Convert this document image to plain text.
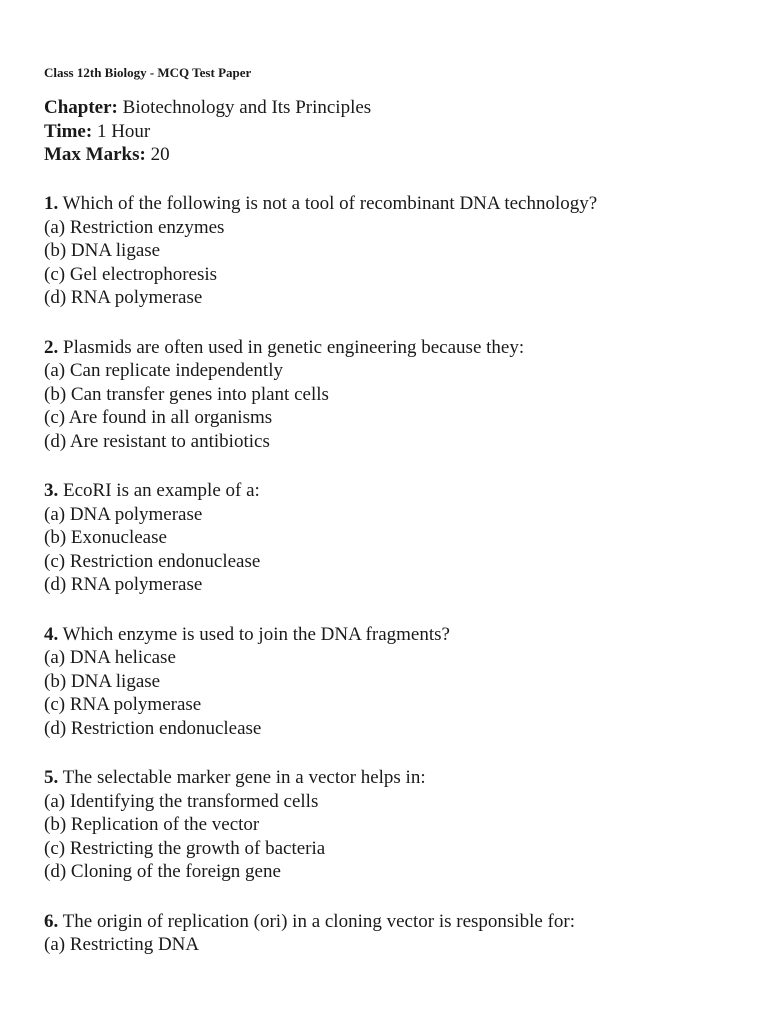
Class 12th Biology - MCQ Test Paper
Chapter: Biotechnology and Its Principles
Time: 1 Hour
Max Marks: 20
1. Which of the following is not a tool of recombinant DNA technology?
(a) Restriction enzymes
(b) DNA ligase
(c) Gel electrophoresis
(d) RNA polymerase
2. Plasmids are often used in genetic engineering because they:
(a) Can replicate independently
(b) Can transfer genes into plant cells
(c) Are found in all organisms
(d) Are resistant to antibiotics
3. EcoRI is an example of a:
(a) DNA polymerase
(b) Exonuclease
(c) Restriction endonuclease
(d) RNA polymerase
4. Which enzyme is used to join the DNA fragments?
(a) DNA helicase
(b) DNA ligase
(c) RNA polymerase
(d) Restriction endonuclease
5. The selectable marker gene in a vector helps in:
(a) Identifying the transformed cells
(b) Replication of the vector
(c) Restricting the growth of bacteria
(d) Cloning of the foreign gene
6. The origin of replication (ori) in a cloning vector is responsible for:
(a) Restricting DNA
